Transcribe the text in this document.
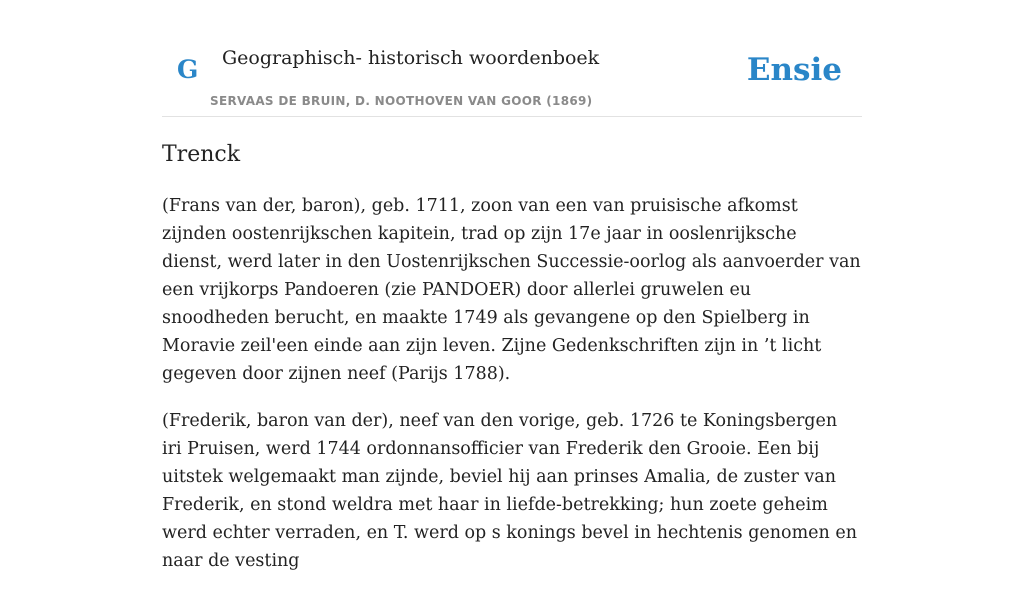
G Geographisch- historisch woordenboek
SERVAAS DE BRUIN, D. NOOTHOVEN VAN GOOR (1869)
Ensie
Trenck

(Frans van der, baron), geb. 1711, zoon van een van pruisische afkomst zijnden oostenrijkschen kapitein, trad op zijn 17e jaar in ooslenrijksche dienst, werd later in den Uostenrijkschen Successie-oorlog als aanvoerder van een vrijkorps Pandoeren (zie PANDOER) door allerlei gruwelen eu snoodheden berucht, en maakte 1749 als gevangene op den Spielberg in Moravie zeil'een einde aan zijn leven. Zijne Gedenkschriften zijn in ’t licht gegeven door zijnen neef (Parijs 1788).

(Frederik, baron van der), neef van den vorige, geb. 1726 te Koningsbergen iri Pruisen, werd 1744 ordonnansofficier van Frederik den Grooie. Een bij uitstek welgemaakt man zijnde, beviel hij aan prinses Amalia, de zuster van Frederik, en stond weldra met haar in liefde-betrekking; hun zoete geheim werd echter verraden, en T. werd op s konings bevel in hechtenis genomen en naar de vesting
